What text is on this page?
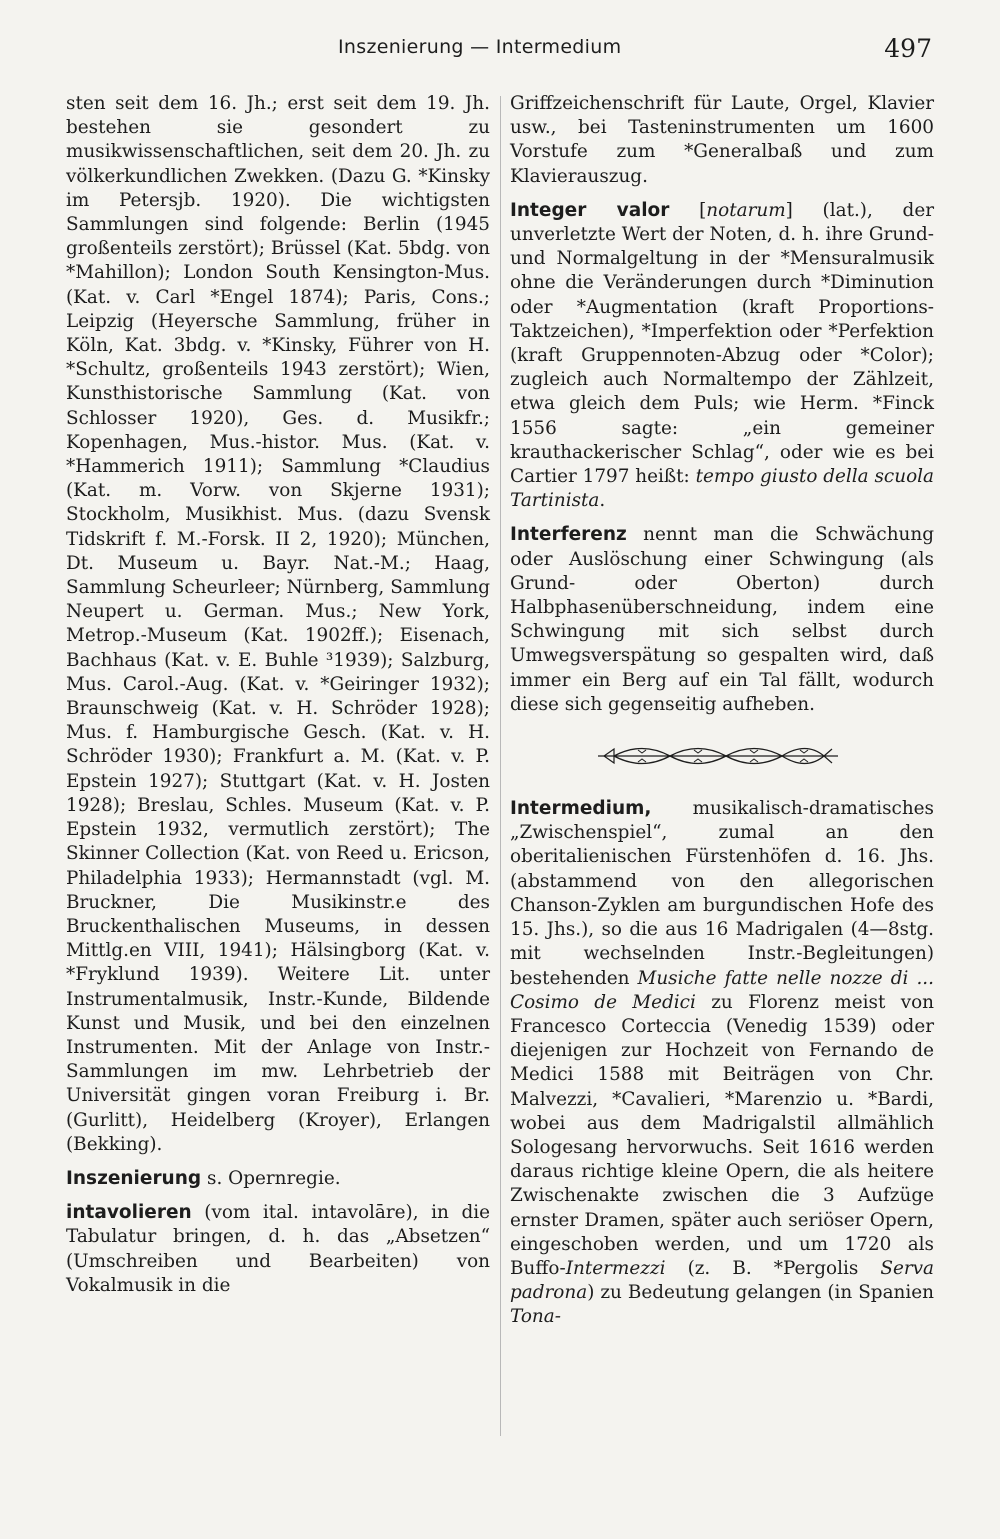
Inszenierung — Intermedium	497

sten seit dem 16. Jh.; erst seit dem 19. Jh. bestehen sie gesondert zu musikwissenschaftlichen, seit dem 20. Jh. zu völkerkundlichen Zwekken. (Dazu G. *Kinsky im Petersjb. 1920). Die wichtigsten Sammlungen sind folgende: Berlin (1945 großenteils zerstört); Brüssel (Kat. 5bdg. von *Mahillon); London South Kensington-Mus. (Kat. v. Carl *Engel 1874); Paris, Cons.; Leipzig (Heyersche Sammlung, früher in Köln, Kat. 3bdg. v. *Kinsky, Führer von H. *Schultz, großenteils 1943 zerstört); Wien, Kunsthistorische Sammlung (Kat. von Schlosser 1920), Ges. d. Musikfr.; Kopenhagen, Mus.-histor. Mus. (Kat. v. *Hammerich 1911); Sammlung *Claudius (Kat. m. Vorw. von Skjerne 1931); Stockholm, Musikhist. Mus. (dazu Svensk Tidskrift f. M.-Forsk. II 2, 1920); München, Dt. Museum u. Bayr. Nat.-M.; Haag, Sammlung Scheurleer; Nürnberg, Sammlung Neupert u. German. Mus.; New York, Metrop.-Museum (Kat. 1902ff.); Eisenach, Bachhaus (Kat. v. E. Buhle ³1939); Salzburg, Mus. Carol.-Aug. (Kat. v. *Geiringer 1932); Braunschweig (Kat. v. H. Schröder 1928); Mus. f. Hamburgische Gesch. (Kat. v. H. Schröder 1930); Frankfurt a. M. (Kat. v. P. Epstein 1927); Stuttgart (Kat. v. H. Josten 1928); Breslau, Schles. Museum (Kat. v. P. Epstein 1932, vermutlich zerstört); The Skinner Collection (Kat. von Reed u. Ericson, Philadelphia 1933); Hermannstadt (vgl. M. Bruckner, Die Musikinstr.e des Bruckenthalischen Museums, in dessen Mittlg.en VIII, 1941); Hälsingborg (Kat. v. *Fryklund 1939). Weitere Lit. unter Instrumentalmusik, Instr.-Kunde, Bildende Kunst und Musik, und bei den einzelnen Instrumenten. Mit der Anlage von Instr.-Sammlungen im mw. Lehrbetrieb der Universität gingen voran Freiburg i. Br. (Gurlitt), Heidelberg (Kroyer), Erlangen (Bekking).

Inszenierung s. Opernregie.

intavolieren (vom ital. intavolāre), in die Tabulatur bringen, d. h. das „Absetzen“ (Umschreiben und Bearbeiten) von Vokalmusik in die

Griffzeichenschrift für Laute, Orgel, Klavier usw., bei Tasteninstrumenten um 1600 Vorstufe zum *Generalbaß und zum Klavierauszug.

Integer valor [notarum] (lat.), der unverletzte Wert der Noten, d. h. ihre Grund- und Normalgeltung in der *Mensuralmusik ohne die Veränderungen durch *Diminution oder *Augmentation (kraft Proportions-Taktzeichen), *Imperfektion oder *Perfektion (kraft Gruppennoten-Abzug oder *Color); zugleich auch Normaltempo der Zählzeit, etwa gleich dem Puls; wie Herm. *Finck 1556 sagte: „ein gemeiner krauthackerischer Schlag“, oder wie es bei Cartier 1797 heißt: tempo giusto della scuola Tartinista.

Interferenz nennt man die Schwächung oder Auslöschung einer Schwingung (als Grund- oder Oberton) durch Halbphasenüberschneidung, indem eine Schwingung mit sich selbst durch Umwegsverspätung so gespalten wird, daß immer ein Berg auf ein Tal fällt, wodurch diese sich gegenseitig aufheben.

Intermedium, musikalisch-dramatisches „Zwischenspiel“, zumal an den oberitalienischen Fürstenhöfen d. 16. Jhs. (abstammend von den allegorischen Chanson-Zyklen am burgundischen Hofe des 15. Jhs.), so die aus 16 Madrigalen (4—8stg. mit wechselnden Instr.-Begleitungen) bestehenden Musiche fatte nelle nozze di ... Cosimo de Medici zu Florenz meist von Francesco Corteccia (Venedig 1539) oder diejenigen zur Hochzeit von Fernando de Medici 1588 mit Beiträgen von Chr. Malvezzi, *Cavalieri, *Marenzio u. *Bardi, wobei aus dem Madrigalstil allmählich Sologesang hervorwuchs. Seit 1616 werden daraus richtige kleine Opern, die als heitere Zwischenakte zwischen die 3 Aufzüge ernster Dramen, später auch seriöser Opern, eingeschoben werden, und um 1720 als Buffo-Intermezzi (z. B. *Pergolis Serva padrona) zu Bedeutung gelangen (in Spanien Tona-
